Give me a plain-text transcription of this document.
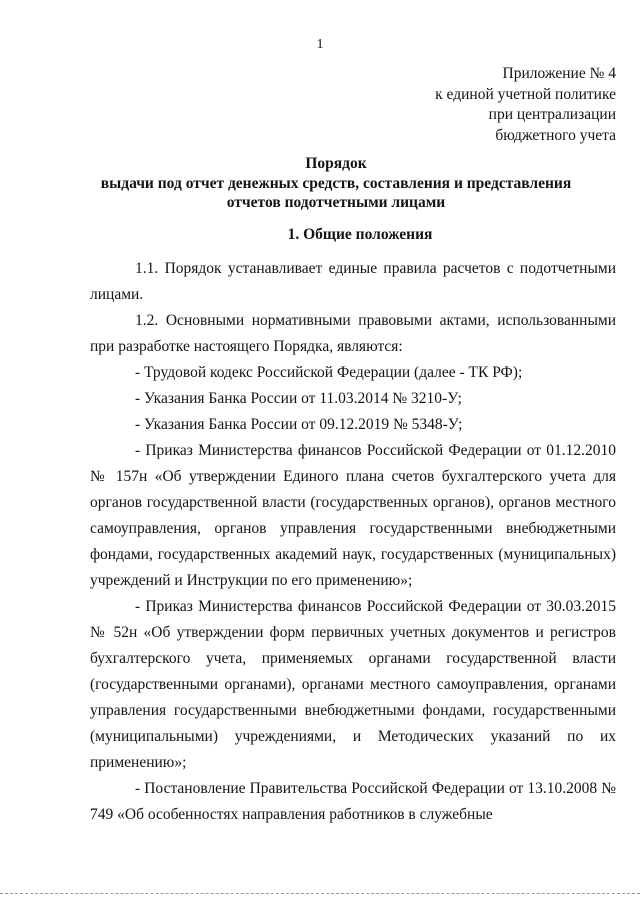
1
Приложение № 4
к единой учетной политике
при централизации
бюджетного учета
Порядок
выдачи под отчет денежных средств, составления и представления
отчетов подотчетными лицами
1. Общие положения

1.1. Порядок устанавливает единые правила расчетов с подотчетными лицами.

1.2. Основными нормативными правовыми актами, использованными при разработке настоящего Порядка, являются:

- Трудовой кодекс Российской Федерации (далее - ТК РФ);

- Указания Банка России от 11.03.2014 № 3210-У;

- Указания Банка России от 09.12.2019 № 5348-У;

- Приказ Министерства финансов Российской Федерации от 01.12.2010 № 157н «Об утверждении Единого плана счетов бухгалтерского учета для органов государственной власти (государственных органов), органов местного самоуправления, органов управления государственными внебюджетными фондами, государственных академий наук, государственных (муниципальных) учреждений и Инструкции по его применению»;

- Приказ Министерства финансов Российской Федерации от 30.03.2015 № 52н «Об утверждении форм первичных учетных документов и регистров бухгалтерского учета, применяемых органами государственной власти (государственными органами), органами местного самоуправления, органами управления государственными внебюджетными фондами, государственными (муниципальными) учреждениями, и Методических указаний по их применению»;

- Постановление Правительства Российской Федерации от 13.10.2008 № 749 «Об особенностях направления работников в служебные
